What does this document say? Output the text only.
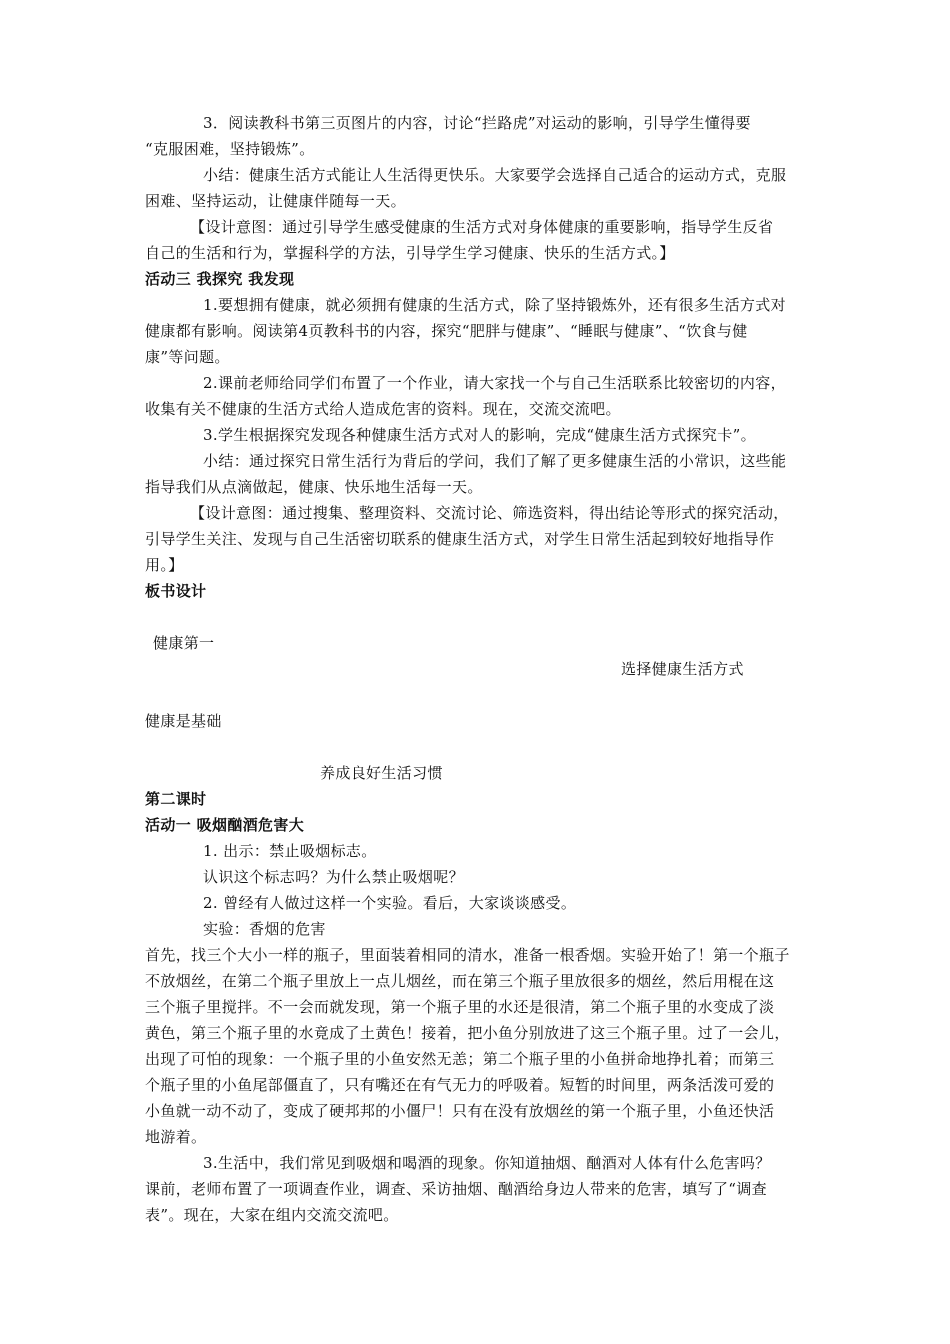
3．阅读教科书第三页图片的内容，讨论“拦路虎”对运动的影响，引导学生懂得要
“克服困难，坚持锻炼”。
小结：健康生活方式能让人生活得更快乐。大家要学会选择自己适合的运动方式，克服
困难、坚持运动，让健康伴随每一天。
【设计意图：通过引导学生感受健康的生活方式对身体健康的重要影响，指导学生反省
自己的生活和行为，掌握科学的方法，引导学生学习健康、快乐的生活方式。】
活动三 我探究 我发现
1.要想拥有健康，就必须拥有健康的生活方式，除了坚持锻炼外，还有很多生活方式对
健康都有影响。阅读第4页教科书的内容，探究“肥胖与健康”、“睡眠与健康”、“饮食与健
康”等问题。
2.课前老师给同学们布置了一个作业，请大家找一个与自己生活联系比较密切的内容，
收集有关不健康的生活方式给人造成危害的资料。现在，交流交流吧。
3.学生根据探究发现各种健康生活方式对人的影响，完成“健康生活方式探究卡”。
小结：通过探究日常生活行为背后的学问，我们了解了更多健康生活的小常识，这些能
指导我们从点滴做起，健康、快乐地生活每一天。
【设计意图：通过搜集、整理资料、交流讨论、筛选资料，得出结论等形式的探究活动，
引导学生关注、发现与自己生活密切联系的健康生活方式，对学生日常生活起到较好地指导作
用。】
板书设计
健康第一
选择健康生活方式
健康是基础
养成良好生活习惯
第二课时
活动一 吸烟酗酒危害大
1. 出示：禁止吸烟标志。
认识这个标志吗？为什么禁止吸烟呢？
2. 曾经有人做过这样一个实验。看后，大家谈谈感受。
实验：香烟的危害
首先，找三个大小一样的瓶子，里面装着相同的清水，准备一根香烟。实验开始了！第一个瓶子
不放烟丝，在第二个瓶子里放上一点儿烟丝，而在第三个瓶子里放很多的烟丝，然后用棍在这
三个瓶子里搅拌。不一会而就发现，第一个瓶子里的水还是很清，第二个瓶子里的水变成了淡
黄色，第三个瓶子里的水竟成了土黄色！接着，把小鱼分别放进了这三个瓶子里。过了一会儿，
出现了可怕的现象：一个瓶子里的小鱼安然无恙；第二个瓶子里的小鱼拼命地挣扎着；而第三
个瓶子里的小鱼尾部僵直了，只有嘴还在有气无力的呼吸着。短暂的时间里，两条活泼可爱的
小鱼就一动不动了，变成了硬邦邦的小僵尸！只有在没有放烟丝的第一个瓶子里，小鱼还快活
地游着。
3.生活中，我们常见到吸烟和喝酒的现象。你知道抽烟、酗酒对人体有什么危害吗？
课前，老师布置了一项调查作业，调查、采访抽烟、酗酒给身边人带来的危害，填写了“调查
表”。现在，大家在组内交流交流吧。
